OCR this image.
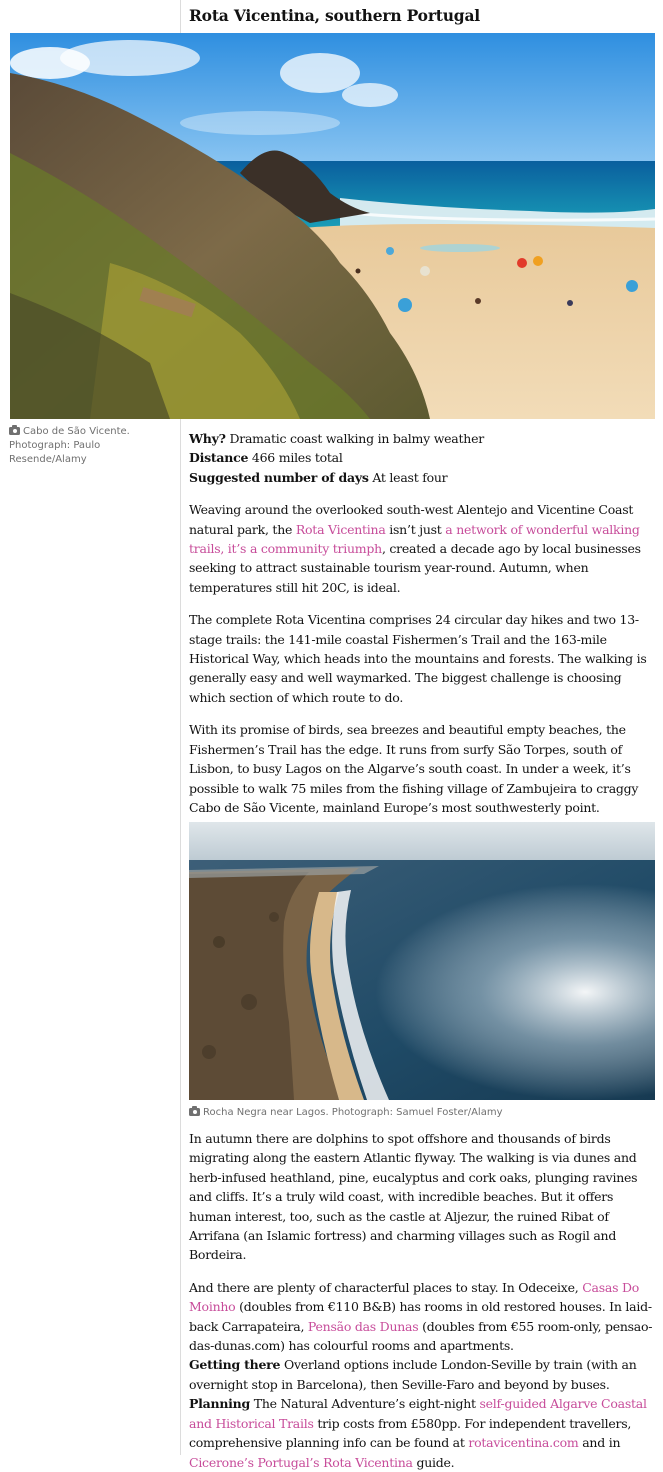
Rota Vicentina, southern Portugal
Cabo de São Vicente.
Photograph: Paulo Resende/Alamy

Why? Dramatic coast walking in balmy weather

Distance 466 miles total

Suggested number of days At least four

Weaving around the overlooked south-west Alentejo and Vicentine Coast natural park, the Rota Vicentina isn’t just a network of wonderful walking trails, it’s a community triumph, created a decade ago by local businesses seeking to attract sustainable tourism year-round. Autumn, when temperatures still hit 20C, is ideal.

The complete Rota Vicentina comprises 24 circular day hikes and two 13-stage trails: the 141-mile coastal Fishermen’s Trail and the 163-mile Historical Way, which heads into the mountains and forests. The walking is generally easy and well waymarked. The biggest challenge is choosing which section of which route to do.

With its promise of birds, sea breezes and beautiful empty beaches, the Fishermen’s Trail has the edge. It runs from surfy São Torpes, south of Lisbon, to busy Lagos on the Algarve’s south coast. In under a week, it’s possible to walk 75 miles from the fishing village of Zambujeira to craggy Cabo de São Vicente, mainland Europe’s most southwesterly point.

Rocha Negra near Lagos. Photograph: Samuel Foster/Alamy

In autumn there are dolphins to spot offshore and thousands of birds migrating along the eastern Atlantic flyway. The walking is via dunes and herb-infused heathland, pine, eucalyptus and cork oaks, plunging ravines and cliffs. It’s a truly wild coast, with incredible beaches. But it offers human interest, too, such as the castle at Aljezur, the ruined Ribat of Arrifana (an Islamic fortress) and charming villages such as Rogil and Bordeira.

And there are plenty of characterful places to stay. In Odeceixe, Casas Do Moinho (doubles from €110 B&B) has rooms in old restored houses. In laid-back Carrapateira, Pensão das Dunas (doubles from €55 room-only, pensao-das-dunas.com) has colourful rooms and apartments.

Getting there Overland options include London-Seville by train (with an overnight stop in Barcelona), then Seville-Faro and beyond by buses.

Planning The Natural Adventure’s eight-night self-guided Algarve Coastal and Historical Trails trip costs from £580pp. For independent travellers, comprehensive planning info can be found at rotavicentina.com and in Cicerone’s Portugal’s Rota Vicentina guide.
